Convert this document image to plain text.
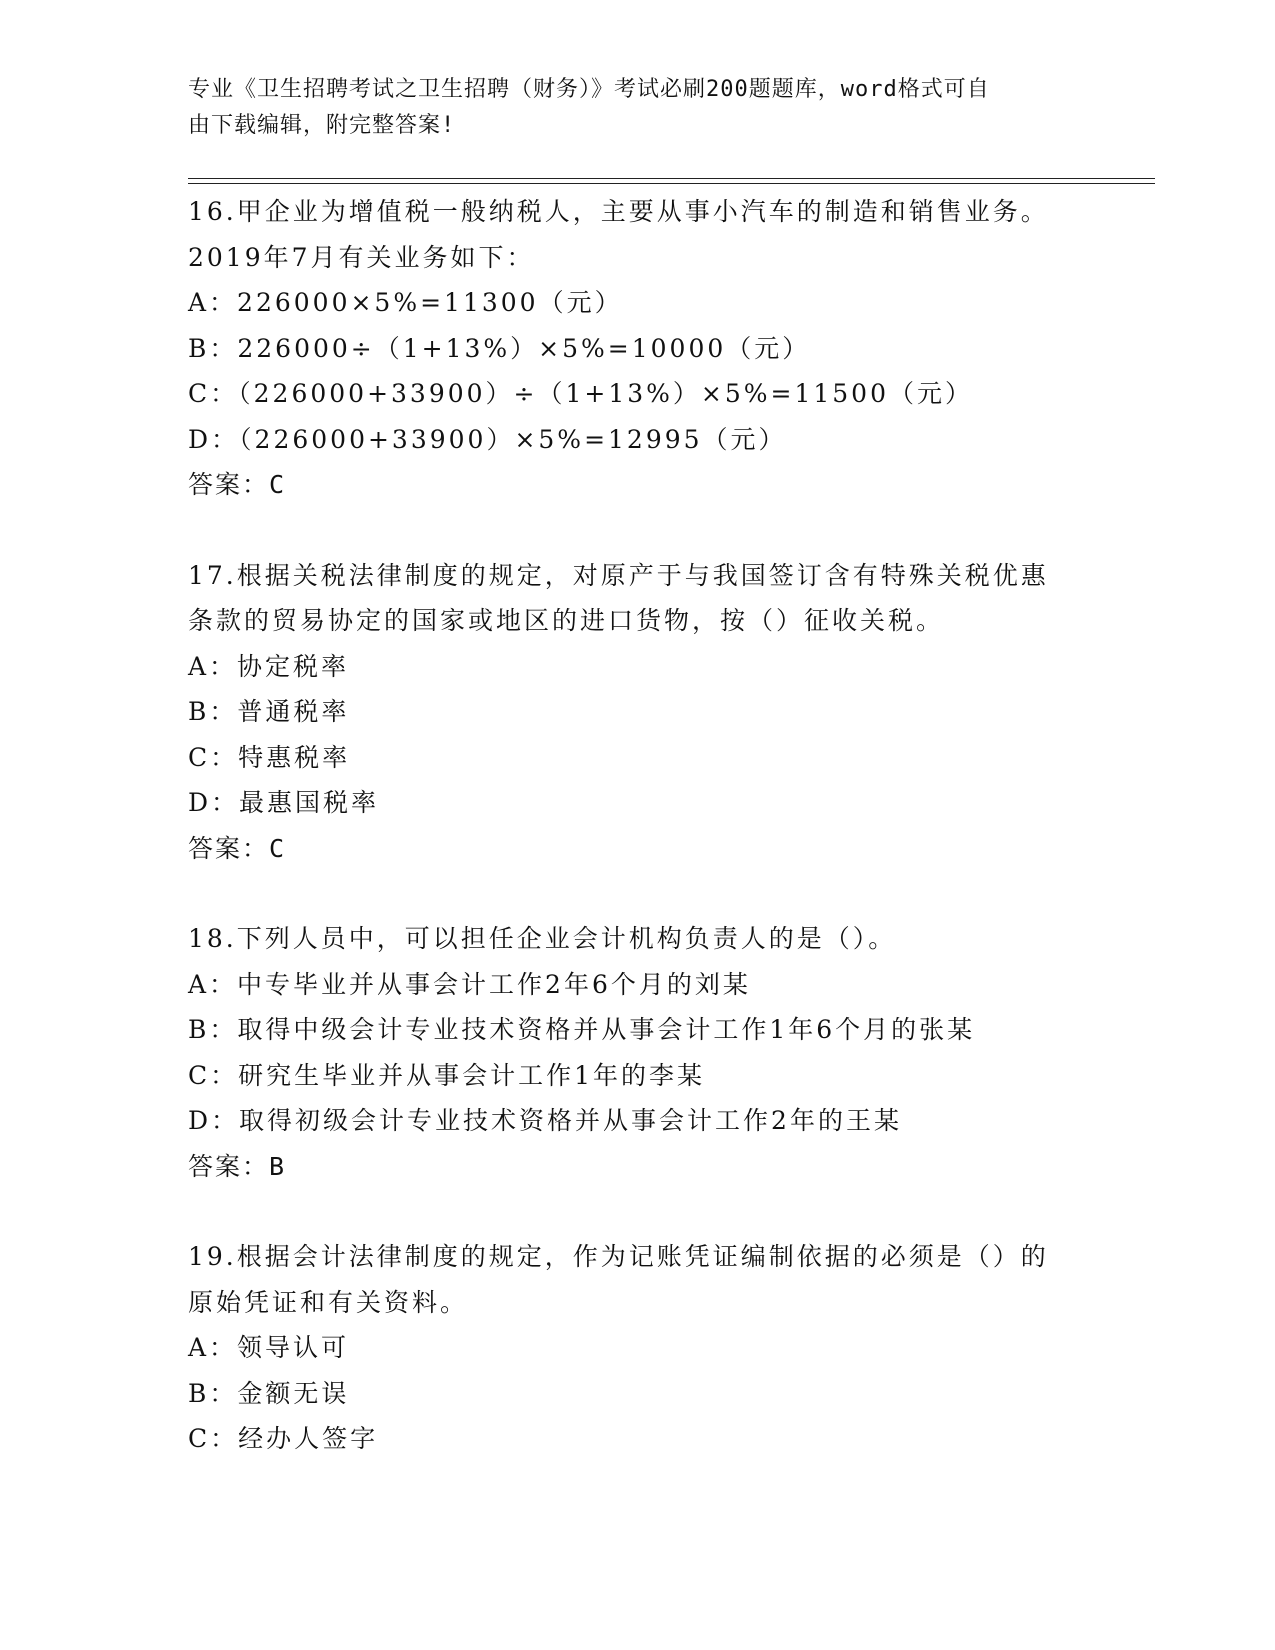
专业《卫生招聘考试之卫生招聘（财务）》考试必刷200题题库，word格式可自
由下载编辑，附完整答案!
16.甲企业为增值税一般纳税人，主要从事小汽车的制造和销售业务。
2019年7月有关业务如下：
A：226000×5%=11300（元）
B：226000÷（1+13%）×5%=10000（元）
C：（226000+33900）÷（1+13%）×5%=11500（元）
D：（226000+33900）×5%=12995（元）
答案：C
17.根据关税法律制度的规定，对原产于与我国签订含有特殊关税优惠
条款的贸易协定的国家或地区的进口货物，按（）征收关税。
A：协定税率
B：普通税率
C：特惠税率
D：最惠国税率
答案：C
18.下列人员中，可以担任企业会计机构负责人的是（）。
A：中专毕业并从事会计工作2年6个月的刘某
B：取得中级会计专业技术资格并从事会计工作1年6个月的张某
C：研究生毕业并从事会计工作1年的李某
D：取得初级会计专业技术资格并从事会计工作2年的王某
答案：B
19.根据会计法律制度的规定，作为记账凭证编制依据的必须是（）的
原始凭证和有关资料。
A：领导认可
B：金额无误
C：经办人签字
